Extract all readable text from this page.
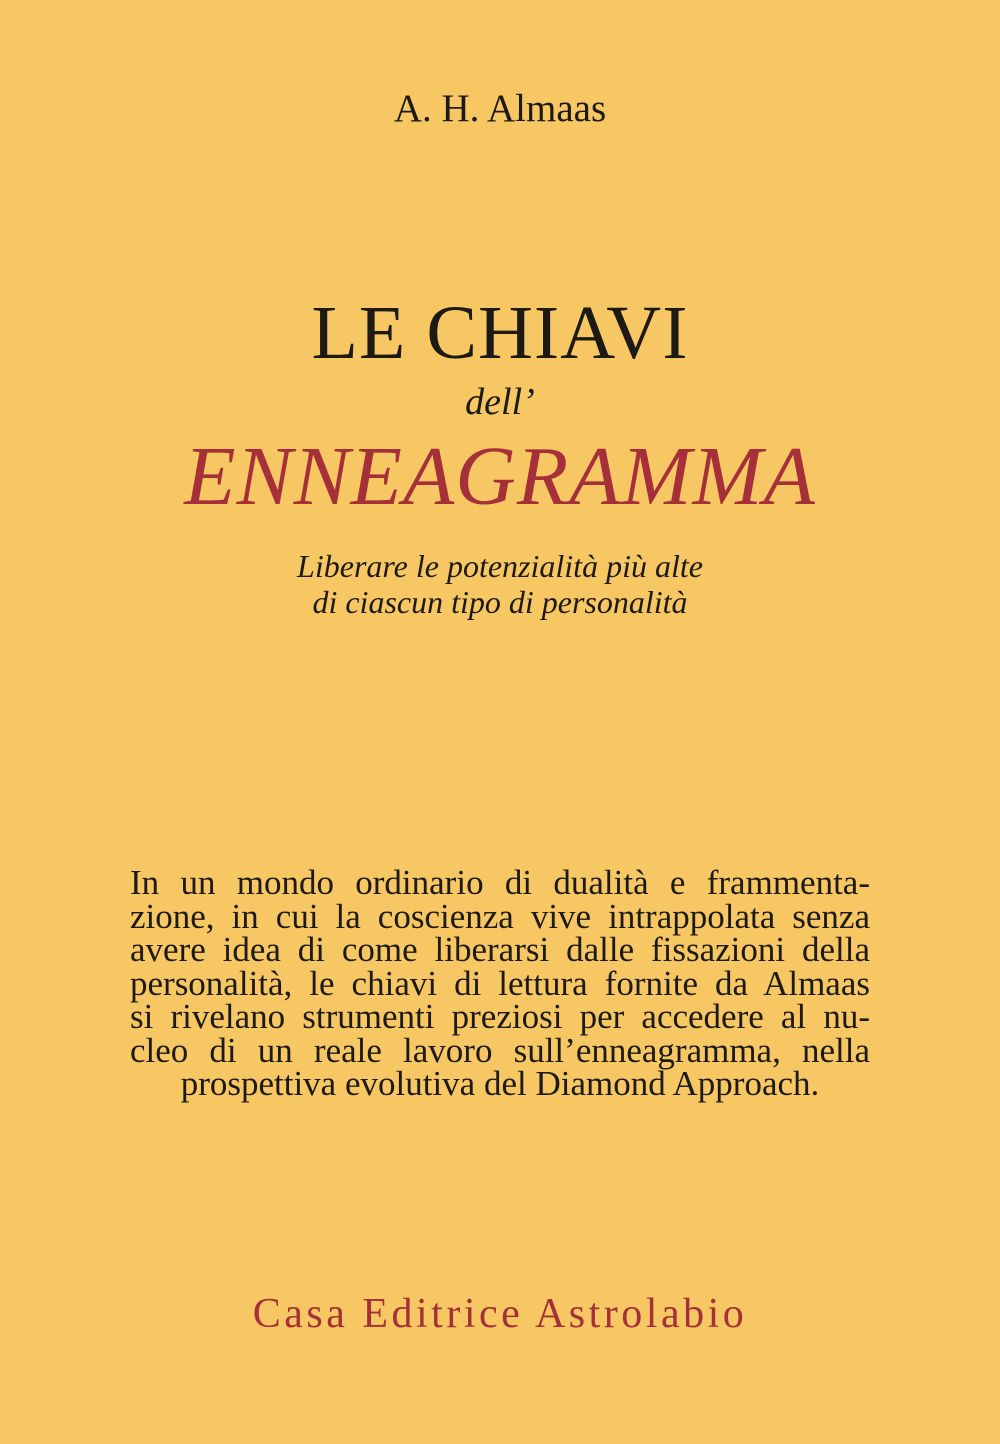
A. H. Almaas
LE CHIAVI
dell’
ENNEAGRAMMA
Liberare le potenzialità più alte
di ciascun tipo di personalità
In un mondo ordinario di dualità e frammenta-
zione, in cui la coscienza vive intrappolata senza
avere idea di come liberarsi dalle fissazioni della
personalità, le chiavi di lettura fornite da Almaas
si rivelano strumenti preziosi per accedere al nu-
cleo di un reale lavoro sull’enneagramma, nella
prospettiva evolutiva del Diamond Approach.
Casa Editrice Astrolabio
